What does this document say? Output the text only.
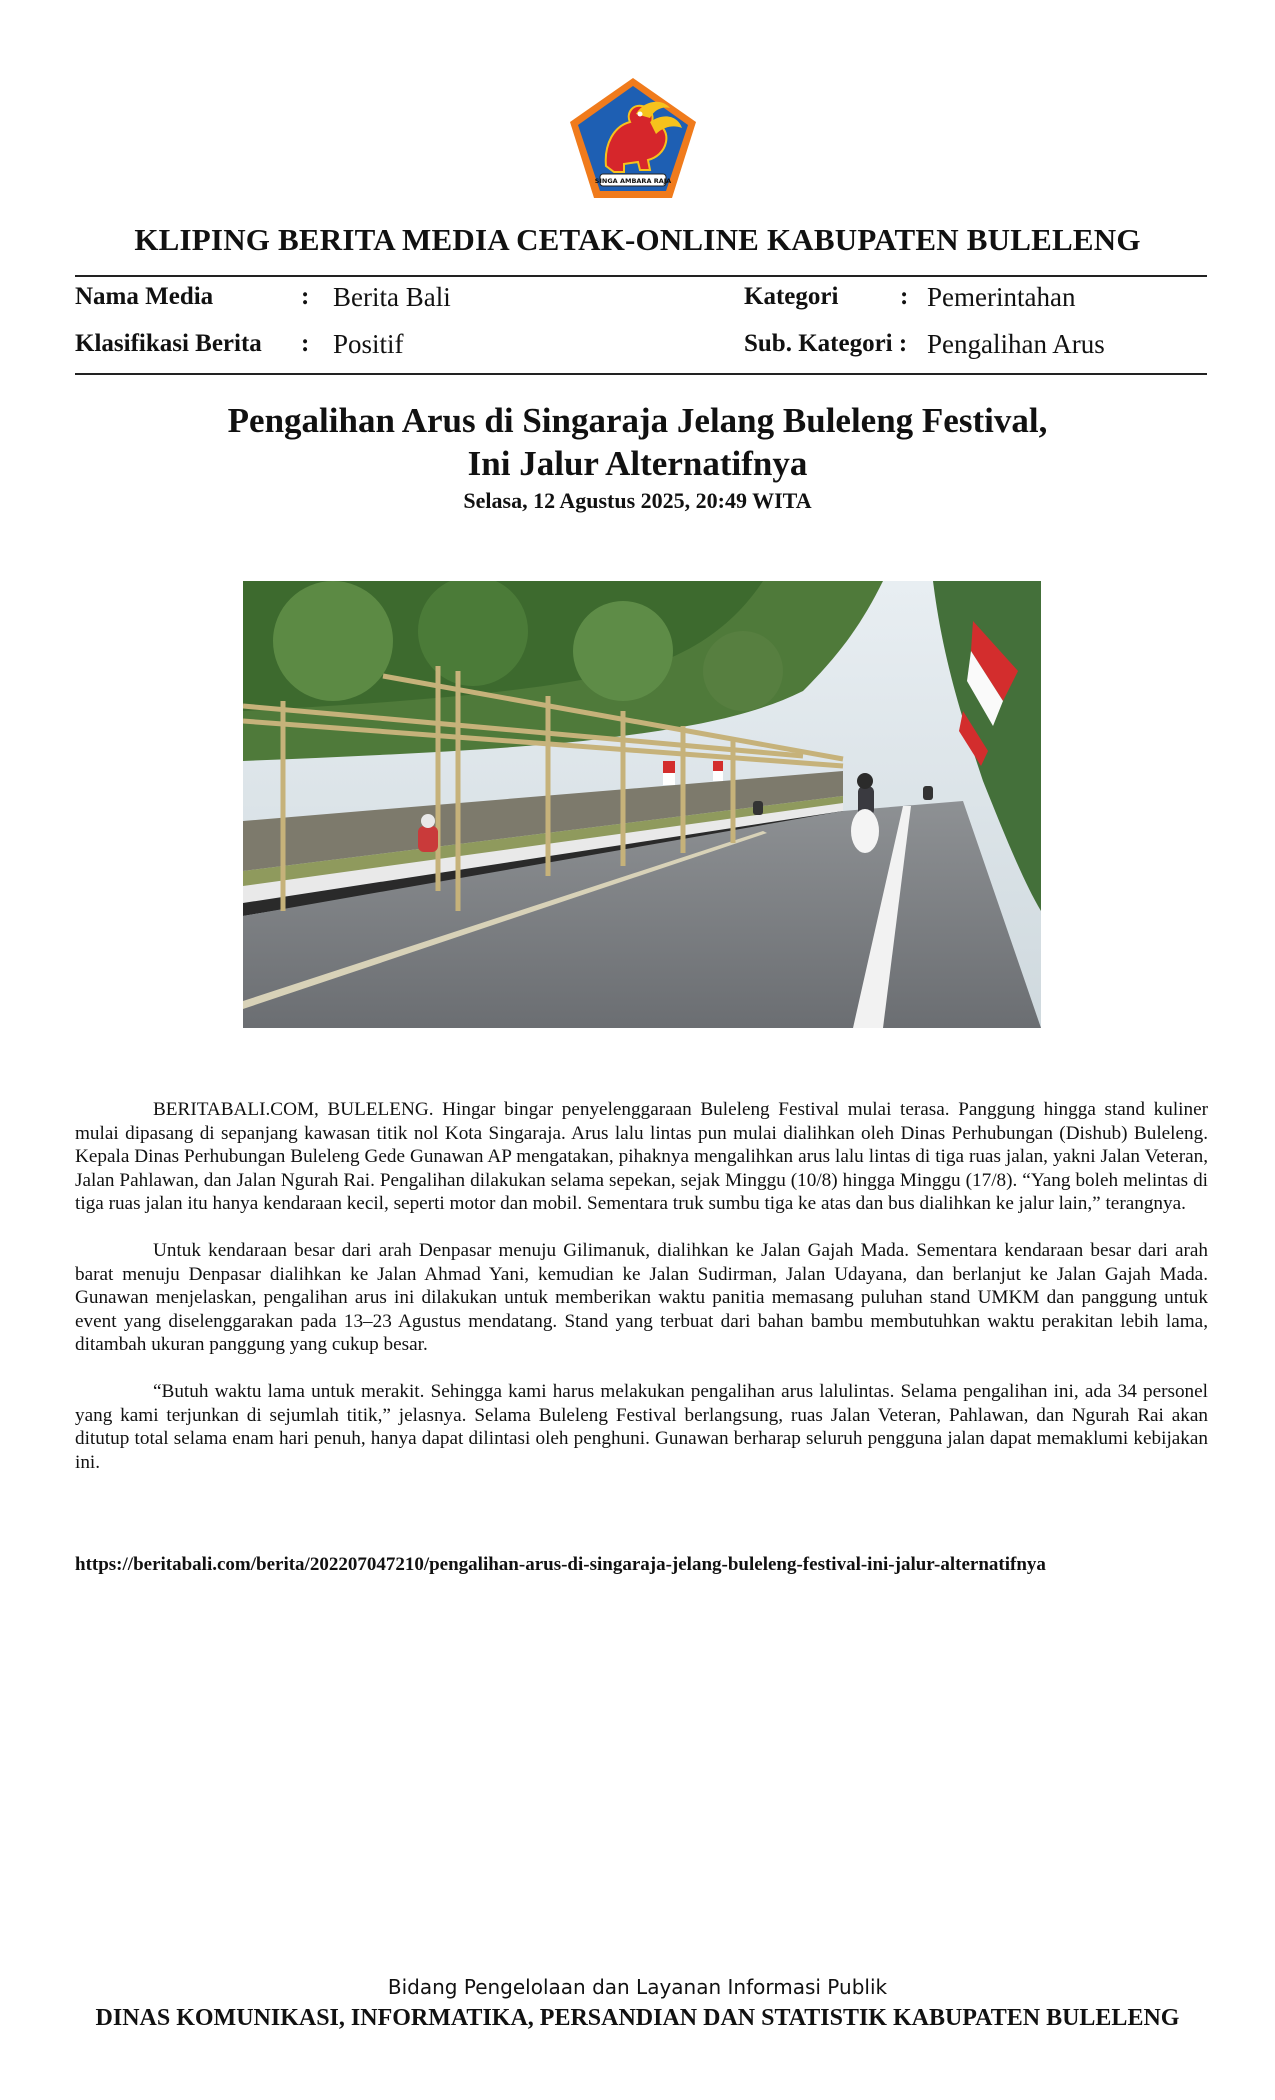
SINGA AMBARA RAJA
KLIPING BERITA MEDIA CETAK-ONLINE KABUPATEN BULELENG
Nama Media	: Berita Bali	Kategori : Pemerintahan
Klasifikasi Berita : Positif	Sub. Kategori : Pengalihan Arus
Pengalihan Arus di Singaraja Jelang Buleleng Festival,
Ini Jalur Alternatifnya
Selasa, 12 Agustus 2025, 20:49 WITA

BERITABALI.COM, BULELENG. Hingar bingar penyelenggaraan Buleleng Festival mulai terasa. Panggung hingga stand kuliner mulai dipasang di sepanjang kawasan titik nol Kota Singaraja. Arus lalu lintas pun mulai dialihkan oleh Dinas Perhubungan (Dishub) Buleleng. Kepala Dinas Perhubungan Buleleng Gede Gunawan AP mengatakan, pihaknya mengalihkan arus lalu lintas di tiga ruas jalan, yakni Jalan Veteran, Jalan Pahlawan, dan Jalan Ngurah Rai. Pengalihan dilakukan selama sepekan, sejak Minggu (10/8) hingga Minggu (17/8). “Yang boleh melintas di tiga ruas jalan itu hanya kendaraan kecil, seperti motor dan mobil. Sementara truk sumbu tiga ke atas dan bus dialihkan ke jalur lain,” terangnya.

Untuk kendaraan besar dari arah Denpasar menuju Gilimanuk, dialihkan ke Jalan Gajah Mada. Sementara kendaraan besar dari arah barat menuju Denpasar dialihkan ke Jalan Ahmad Yani, kemudian ke Jalan Sudirman, Jalan Udayana, dan berlanjut ke Jalan Gajah Mada. Gunawan menjelaskan, pengalihan arus ini dilakukan untuk memberikan waktu panitia memasang puluhan stand UMKM dan panggung untuk event yang diselenggarakan pada 13–23 Agustus mendatang. Stand yang terbuat dari bahan bambu membutuhkan waktu perakitan lebih lama, ditambah ukuran panggung yang cukup besar.

“Butuh waktu lama untuk merakit. Sehingga kami harus melakukan pengalihan arus lalulintas. Selama pengalihan ini, ada 34 personel yang kami terjunkan di sejumlah titik,” jelasnya. Selama Buleleng Festival berlangsung, ruas Jalan Veteran, Pahlawan, dan Ngurah Rai akan ditutup total selama enam hari penuh, hanya dapat dilintasi oleh penghuni. Gunawan berharap seluruh pengguna jalan dapat memaklumi kebijakan ini.

https://beritabali.com/berita/202207047210/pengalihan-arus-di-singaraja-jelang-buleleng-festival-ini-jalur-alternatifnya
Bidang Pengelolaan dan Layanan Informasi Publik
DINAS KOMUNIKASI, INFORMATIKA, PERSANDIAN DAN STATISTIK KABUPATEN BULELENG
